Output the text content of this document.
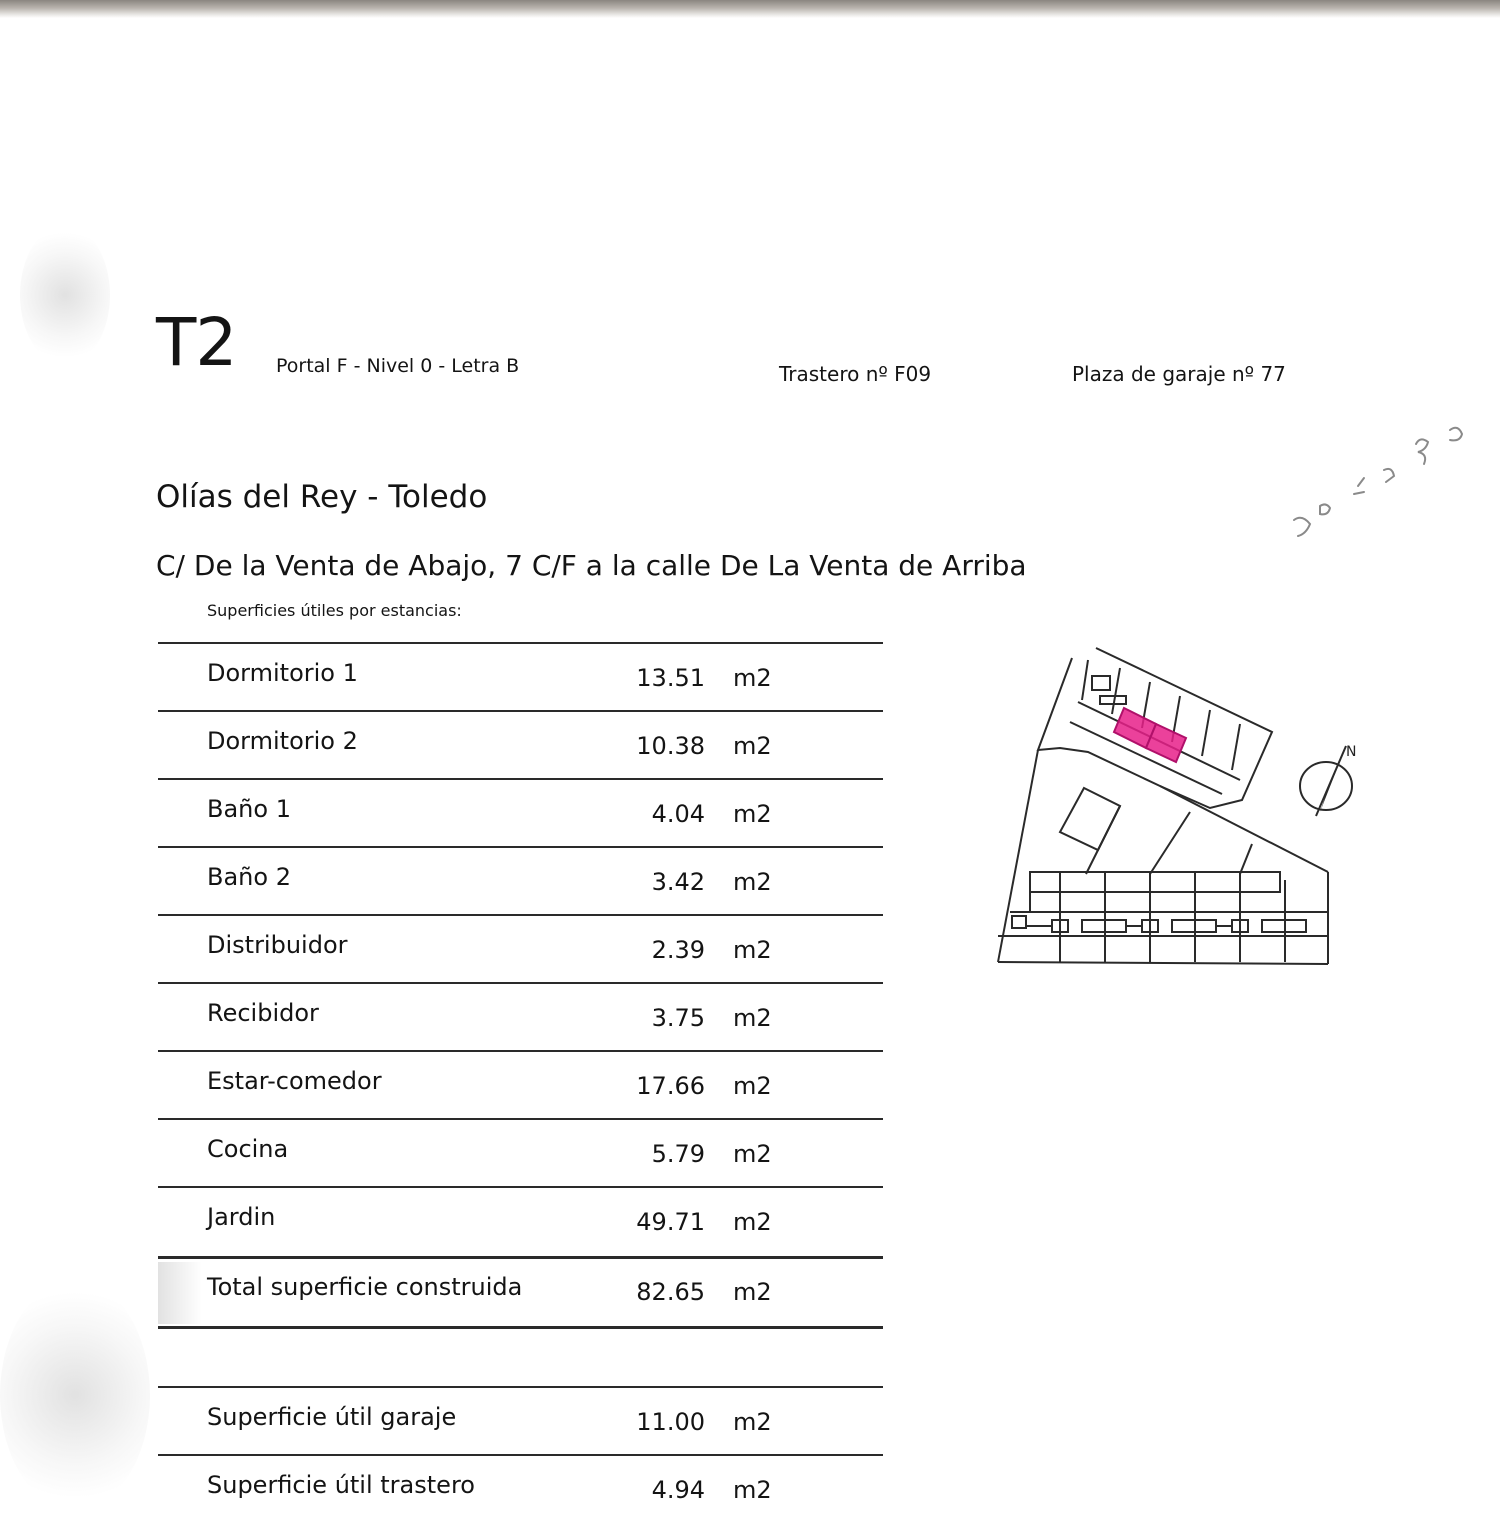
T2 Portal F - Nivel 0 - Letra B	Trastero nº F09	Plaza de garaje nº 77
Olías del Rey - Toledo
C/ De la Venta de Abajo, 7 C/F a la calle De La Venta de Arriba
Superficies útiles por estancias:
Dormitorio 1	13.51 m2
Dormitorio 2	10.38 m2
Baño 1	4.04 m2
Baño 2	3.42 m2
Distribuidor	2.39 m2
Recibidor	3.75 m2
Estar-comedor	17.66 m2
Cocina	5.79 m2
Jardin	49.71 m2
Total superficie construida	82.65 m2
Superficie útil garaje	11.00 m2
Superficie útil trastero	4.94 m2
N
